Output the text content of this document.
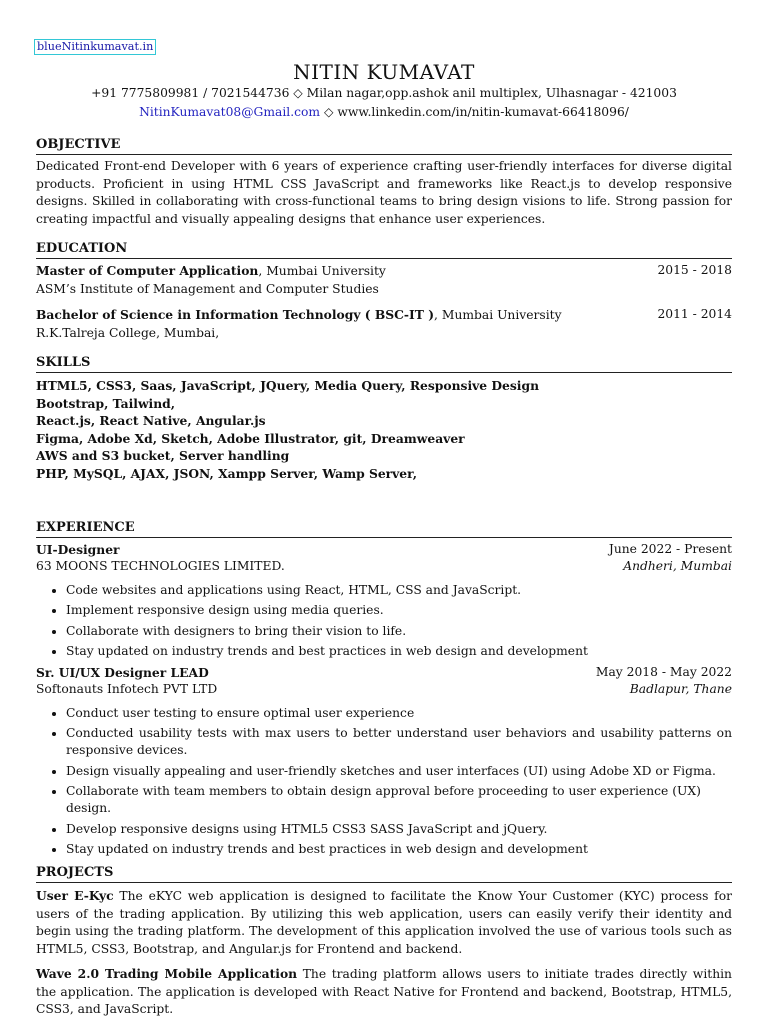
blueNitinkumavat.in
NITIN KUMAVAT
+91 7775809981 / 7021544736 ◇ Milan nagar,opp.ashok anil multiplex, Ulhasnagar - 421003
NitinKumavat08@Gmail.com ◇ www.linkedin.com/in/nitin-kumavat-66418096/
OBJECTIVE

Dedicated Front-end Developer with 6 years of experience crafting user-friendly interfaces for diverse digital products. Proficient in using HTML CSS JavaScript and frameworks like React.js to develop responsive designs. Skilled in collaborating with cross-functional teams to bring design visions to life. Strong passion for creating impactful and visually appealing designs that enhance user experiences.

EDUCATION
Master of Computer Application, Mumbai University	2015 - 2018
ASM’s Institute of Management and Computer Studies
Bachelor of Science in Information Technology ( BSC-IT ), Mumbai University	2011 - 2014
R.K.Talreja College, Mumbai,
SKILLS
HTML5, CSS3, Saas, JavaScript, JQuery, Media Query, Responsive Design
Bootstrap, Tailwind,
React.js, React Native, Angular.js
Figma, Adobe Xd, Sketch, Adobe Illustrator, git, Dreamweaver
AWS and S3 bucket, Server handling
PHP, MySQL, AJAX, JSON, Xampp Server, Wamp Server,
EXPERIENCE
UI-Designer	June 2022 - Present
63 MOONS TECHNOLOGIES LIMITED.	Andheri, Mumbai
• Code websites and applications using React, HTML, CSS and JavaScript.
• Implement responsive design using media queries.
• Collaborate with designers to bring their vision to life.
• Stay updated on industry trends and best practices in web design and development
Sr. UI/UX Designer LEAD	May 2018 - May 2022
Softonauts Infotech PVT LTD	Badlapur, Thane
• Conduct user testing to ensure optimal user experience
• Conducted usability tests with max users to better understand user behaviors and usability patterns on responsive devices.
• Design visually appealing and user-friendly sketches and user interfaces (UI) using Adobe XD or Figma.
• Collaborate with team members to obtain design approval before proceeding to user experience (UX) design.
• Develop responsive designs using HTML5 CSS3 SASS JavaScript and jQuery.
• Stay updated on industry trends and best practices in web design and development
PROJECTS

User E-Kyc The eKYC web application is designed to facilitate the Know Your Customer (KYC) process for users of the trading application. By utilizing this web application, users can easily verify their identity and begin using the trading platform. The development of this application involved the use of various tools such as HTML5, CSS3, Bootstrap, and Angular.js for Frontend and backend.

Wave 2.0 Trading Mobile Application The trading platform allows users to initiate trades directly within the application. The application is developed with React Native for Frontend and backend, Bootstrap, HTML5, CSS3, and JavaScript.
